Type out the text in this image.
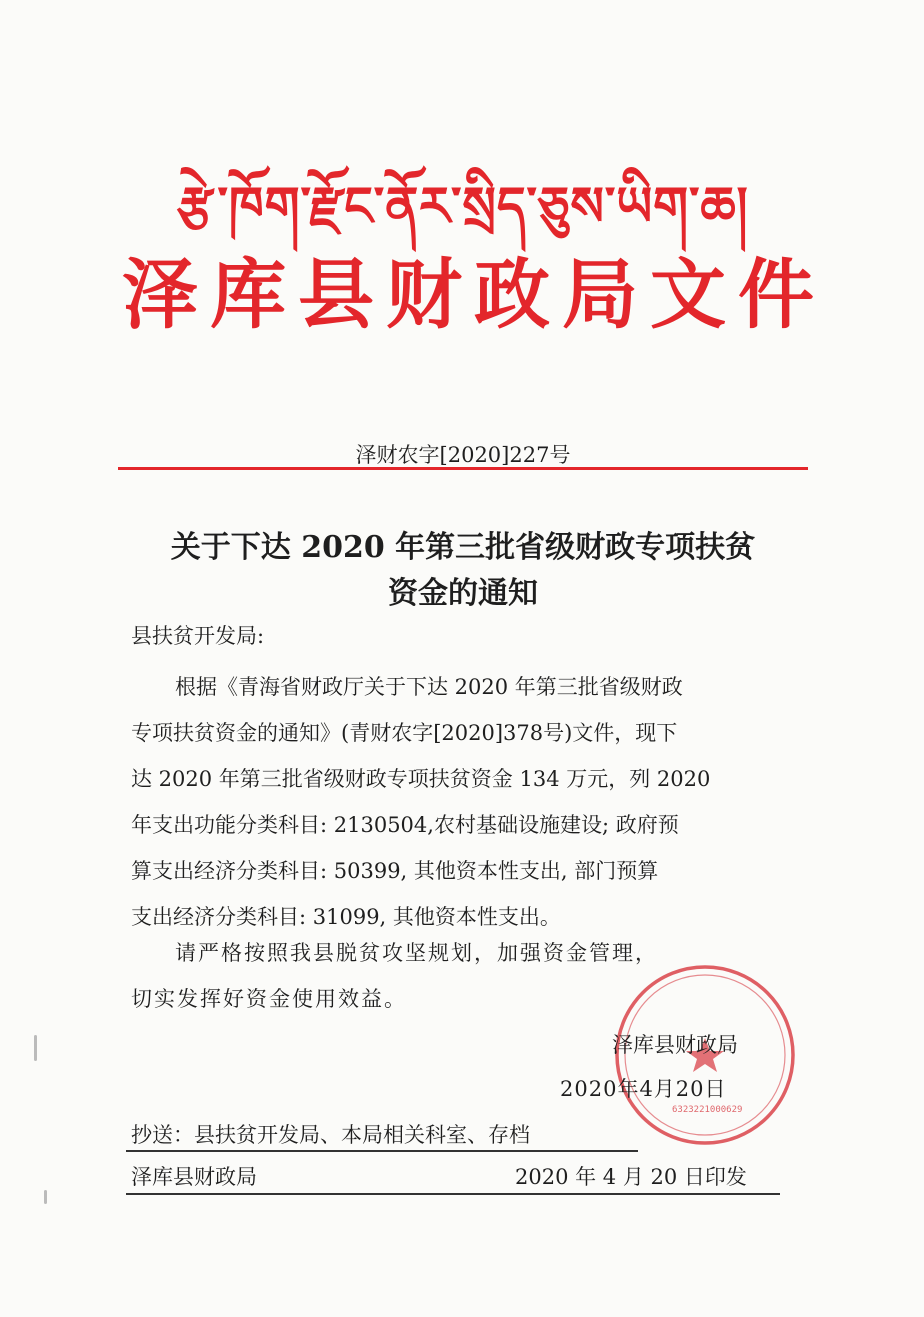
རྩེ་ཁོག་རྫོང་ནོར་སྲིད་ཅུས་ཡིག་ཆ།
泽库县财政局文件
泽财农字[2020]227号
关于下达 2020 年第三批省级财政专项扶贫
资金的通知
县扶贫开发局:
根据《青海省财政厅关于下达 2020 年第三批省级财政
专项扶贫资金的通知》(青财农字[2020]378号)文件，现下
达 2020 年第三批省级财政专项扶贫资金 134 万元，列 2020
年支出功能分类科目: 2130504,农村基础设施建设; 政府预
算支出经济分类科目: 50399, 其他资本性支出, 部门预算
支出经济分类科目: 31099, 其他资本性支出。
请严格按照我县脱贫攻坚规划，加强资金管理，
切实发挥好资金使用效益。
6323221000629
泽库县财政局
2020年4月20日
抄送：县扶贫开发局、本局相关科室、存档
泽库县财政局	2020 年 4 月 20 日印发
